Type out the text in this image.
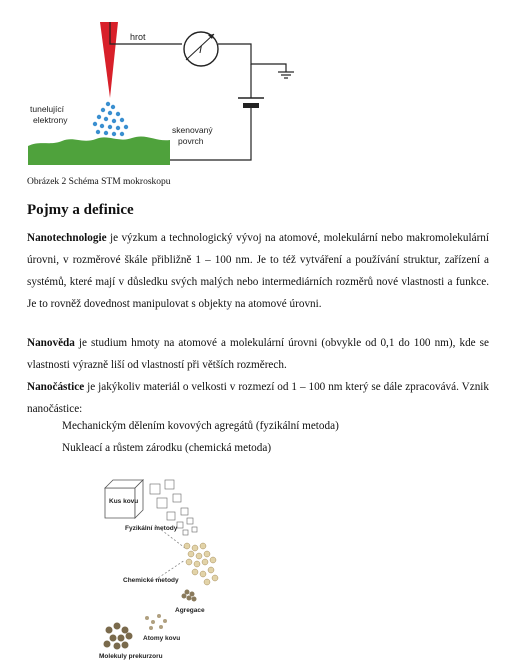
hrot
I
tunelující
elektrony
skenovaný
povrch
Obrázek 2 Schéma STM mokroskopu
Pojmy a definice

Nanotechnologie je výzkum a technologický vývoj na atomové, molekulární nebo makromolekulární úrovni, v rozměrové škále přibližně 1 – 100 nm. Je to též vytváření a používání struktur, zařízení a systémů, které mají v důsledku svých malých nebo intermediárních rozměrů nové vlastnosti a funkce. Je to rovněž dovednost manipulovat s objekty na atomové úrovni.

Nanověda je studium hmoty na atomové a molekulární úrovni (obvykle od 0,1 do 100 nm), kde se vlastnosti výrazně liší od vlastností při větších rozměrech.

Nanočástice je jakýkoliv materiál o velkosti v rozmezí od 1 – 100 nm který se dále zpracovává. Vznik nanočástice:

Mechanickým dělením kovových agregátů (fyzikální metoda)
Nukleací a růstem zárodku (chemická metoda)
Kus kovu
Fyzikální metody
Chemické metody
Agregace
Atomy kovu
Molekuly prekurzoru
